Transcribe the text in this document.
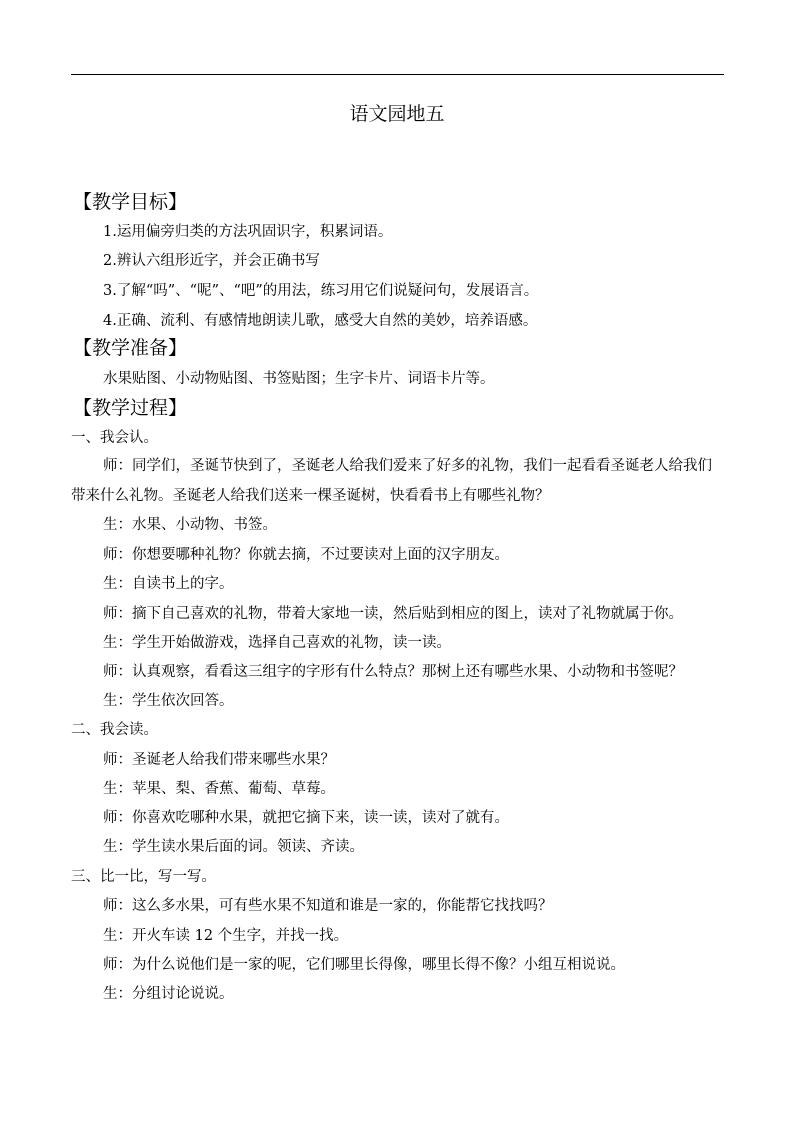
语文园地五
【教学目标】
1.运用偏旁归类的方法巩固识字，积累词语。
2.辨认六组形近字，并会正确书写
3.了解“吗”、“呢”、“吧”的用法，练习用它们说疑问句，发展语言。
4.正确、流利、有感情地朗读儿歌，感受大自然的美妙，培养语感。
【教学准备】
水果贴图、小动物贴图、书签贴图；生字卡片、词语卡片等。
【教学过程】
一、我会认。
师：同学们，圣诞节快到了，圣诞老人给我们爱来了好多的礼物，我们一起看看圣诞老人给我们带来什么礼物。圣诞老人给我们送来一棵圣诞树，快看看书上有哪些礼物？
生：水果、小动物、书签。
师：你想要哪种礼物？你就去摘，不过要读对上面的汉字朋友。
生：自读书上的字。
师：摘下自己喜欢的礼物，带着大家地一读，然后贴到相应的图上，读对了礼物就属于你。
生：学生开始做游戏，选择自己喜欢的礼物，读一读。
师：认真观察，看看这三组字的字形有什么特点？那树上还有哪些水果、小动物和书签呢？
生：学生依次回答。
二、我会读。
师：圣诞老人给我们带来哪些水果？
生：苹果、梨、香蕉、葡萄、草莓。
师：你喜欢吃哪种水果，就把它摘下来，读一读，读对了就有。
生：学生读水果后面的词。领读、齐读。
三、比一比，写一写。
师：这么多水果，可有些水果不知道和谁是一家的，你能帮它找找吗？
生：开火车读 12 个生字，并找一找。
师：为什么说他们是一家的呢，它们哪里长得像，哪里长得不像？小组互相说说。
生：分组讨论说说。
